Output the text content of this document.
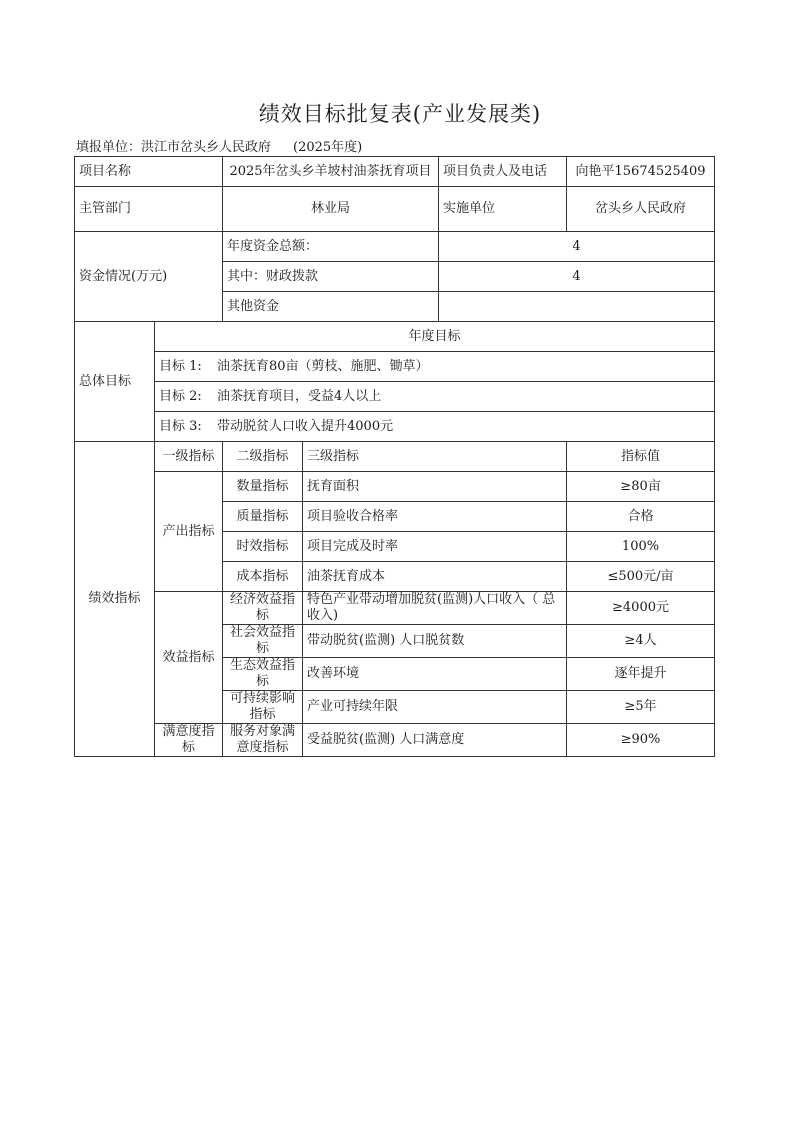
绩效目标批复表(产业发展类)
填报单位：洪江市岔头乡人民政府 (2025年度)
项目名称		2025年岔头乡羊坡村油茶抚育项目		项目负责人及电话	向艳平15674525409
主管部门		林业局		实施单位	岔头乡人民政府
资金情况(万元)		年度资金总额：		4	
		其中：财政拨款		4	
		其他资金			
总体目标	年度目标				
	目标 1: 油茶抚育80亩（剪枝、施肥、锄草）				
	目标 2: 油茶抚育项目，受益4人以上				
	目标 3: 带动脱贫人口收入提升4000元				
绩效指标	一级指标	二级指标	三级指标		指标值
	产出指标	数量指标	抚育面积		≥80亩
		质量指标	项目验收合格率		合格
		时效指标	项目完成及时率		100%
		成本指标	油茶抚育成本		≤500元/亩
	效益指标	经济效益指标	特色产业带动增加脱贫(监测)人口收入（ 总收入)		≥4000元
		社会效益指标	带动脱贫(监测) 人口脱贫数		≥4人
		生态效益指标	改善环境		逐年提升
		可持续影响指标	产业可持续年限		≥5年
	满意度指标	服务对象满意度指标	受益脱贫(监测) 人口满意度		≥90%
